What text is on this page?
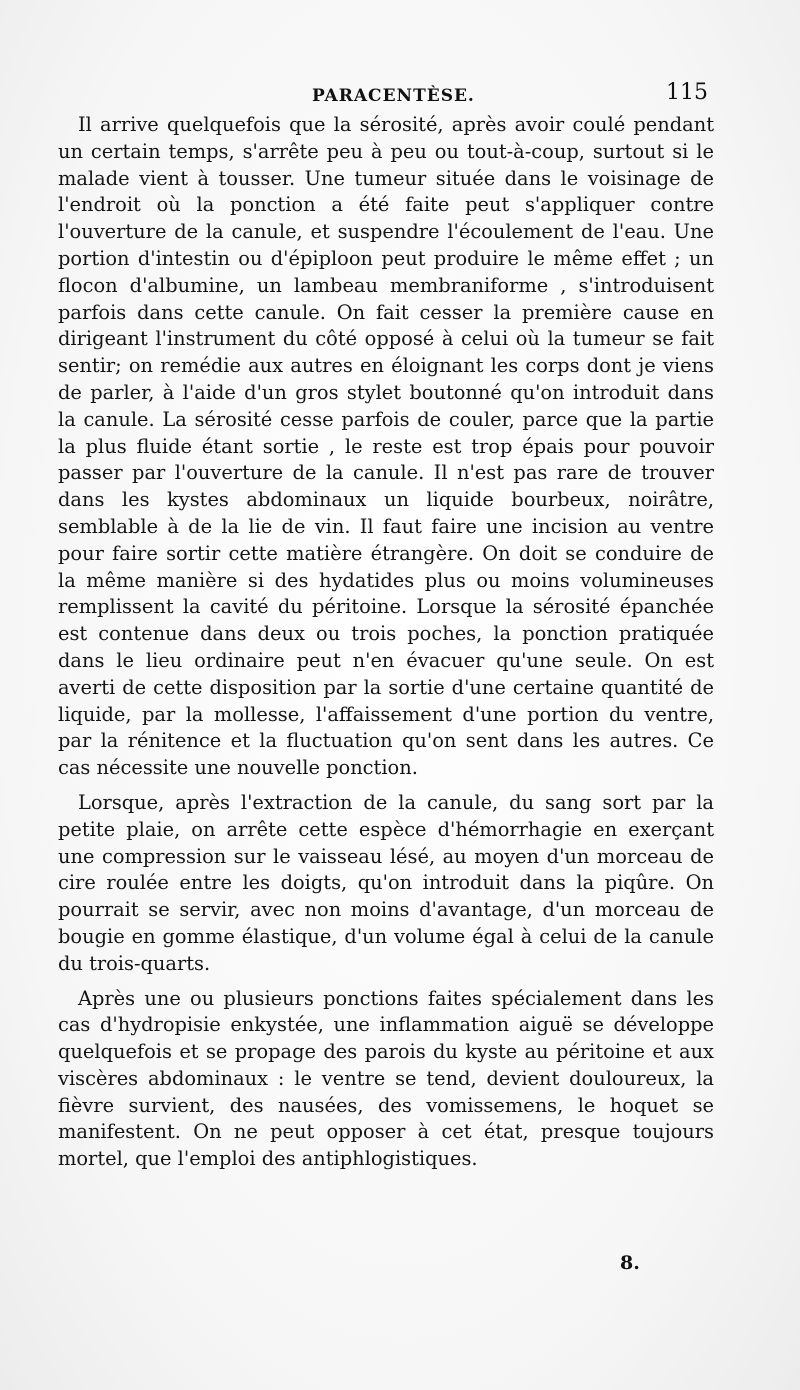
PARACENTÈSE.	115

Il arrive quelquefois que la sérosité, après avoir coulé pendant un certain temps, s'arrête peu à peu ou tout-à-coup, surtout si le malade vient à tousser. Une tumeur située dans le voisinage de l'endroit où la ponction a été faite peut s'appliquer contre l'ouverture de la canule, et suspendre l'écoulement de l'eau. Une portion d'intestin ou d'épiploon peut produire le même effet ; un flocon d'albumine, un lambeau membraniforme , s'introduisent parfois dans cette canule. On fait cesser la première cause en dirigeant l'instrument du côté opposé à celui où la tumeur se fait sentir; on remédie aux autres en éloignant les corps dont je viens de parler, à l'aide d'un gros stylet boutonné qu'on introduit dans la canule. La sérosité cesse parfois de couler, parce que la partie la plus fluide étant sortie , le reste est trop épais pour pouvoir passer par l'ouverture de la canule. Il n'est pas rare de trouver dans les kystes abdominaux un liquide bourbeux, noirâtre, semblable à de la lie de vin. Il faut faire une incision au ventre pour faire sortir cette matière étrangère. On doit se conduire de la même manière si des hydatides plus ou moins volumineuses remplissent la cavité du péritoine. Lorsque la sérosité épanchée est contenue dans deux ou trois poches, la ponction pratiquée dans le lieu ordinaire peut n'en évacuer qu'une seule. On est averti de cette disposition par la sortie d'une certaine quantité de liquide, par la mollesse, l'affaissement d'une portion du ventre, par la rénitence et la fluctuation qu'on sent dans les autres. Ce cas nécessite une nouvelle ponction.

Lorsque, après l'extraction de la canule, du sang sort par la petite plaie, on arrête cette espèce d'hémorrhagie en exerçant une compression sur le vaisseau lésé, au moyen d'un morceau de cire roulée entre les doigts, qu'on introduit dans la piqûre. On pourrait se servir, avec non moins d'avantage, d'un morceau de bougie en gomme élastique, d'un volume égal à celui de la canule du trois-quarts.

Après une ou plusieurs ponctions faites spécialement dans les cas d'hydropisie enkystée, une inflammation aiguë se développe quelquefois et se propage des parois du kyste au péritoine et aux viscères abdominaux : le ventre se tend, devient douloureux, la fièvre survient, des nausées, des vomissemens, le hoquet se manifestent. On ne peut opposer à cet état, presque toujours mortel, que l'emploi des antiphlogistiques.

8.
